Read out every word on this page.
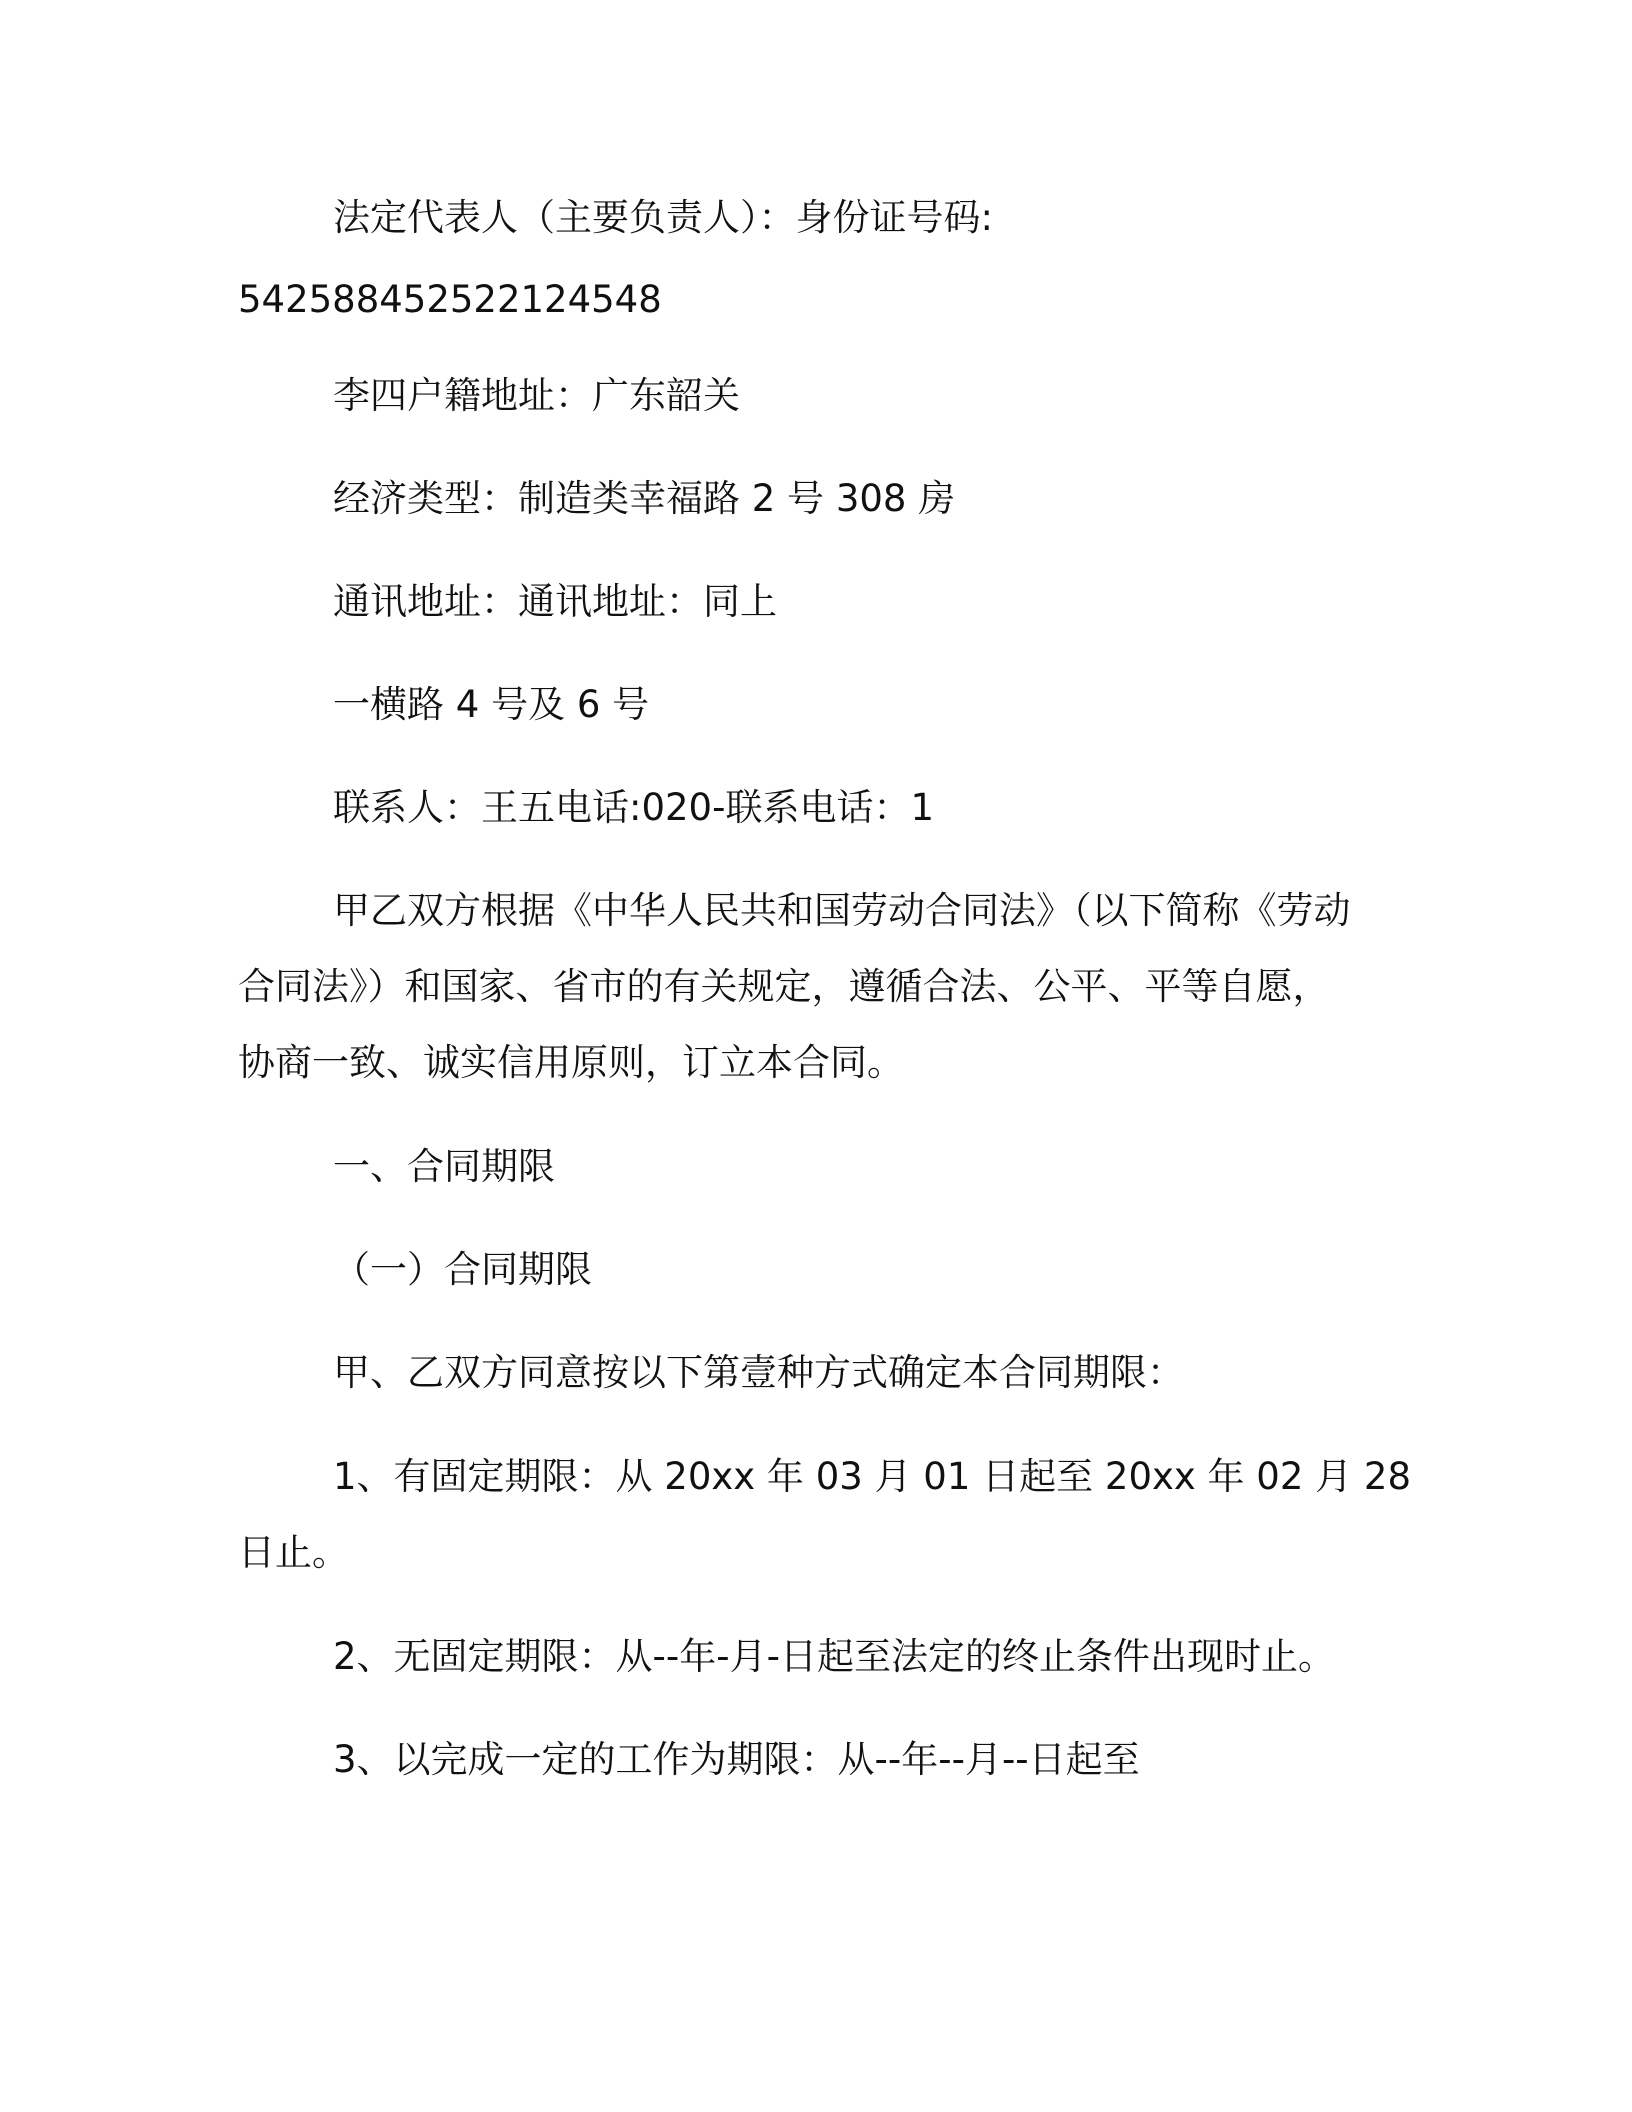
法定代表人（主要负责人）：身份证号码:
542588452522124548
李四户籍地址：广东韶关
经济类型：制造类幸福路 2 号 308 房
通讯地址：通讯地址：同上
一横路 4 号及 6 号
联系人：王五电话:020-联系电话：1
甲乙双方根据《中华人民共和国劳动合同法》（以下简称《劳动
合同法》）和国家、省市的有关规定，遵循合法、公平、平等自愿，
协商一致、诚实信用原则，订立本合同。
一、合同期限
（一）合同期限
甲、乙双方同意按以下第壹种方式确定本合同期限：
1、有固定期限：从 20xx 年 03 月 01 日起至 20xx 年 02 月 28
日止。
2、无固定期限：从--年-月-日起至法定的终止条件出现时止。
3、以完成一定的工作为期限：从--年--月--日起至
